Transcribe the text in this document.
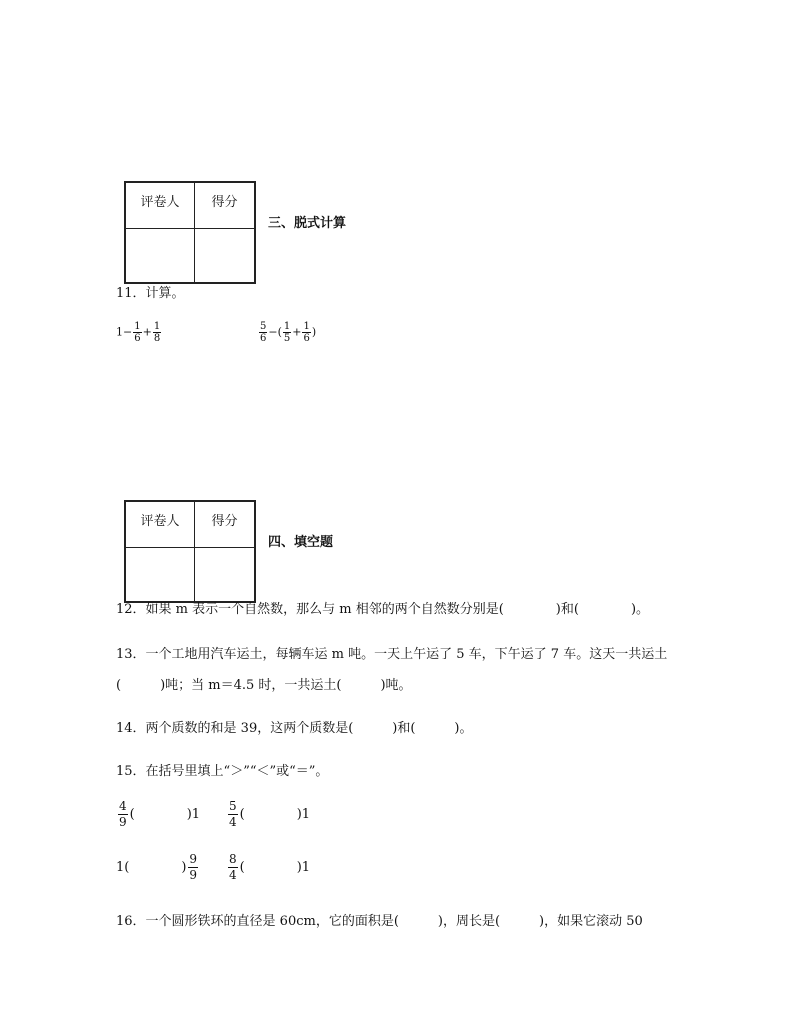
评卷人	得分

三、脱式计算
11．计算。
$1- \frac{1}{6} + \frac{1}{8}$	$\frac{5}{6}$ −( $\frac{1}{5} + \frac{1}{6}$ )
评卷人	得分

四、填空题
12．如果 m 表示一个自然数，那么与 m 相邻的两个自然数分别是(　　　　)和(　　　　)。
13．一个工地用汽车运土，每辆车运 m 吨。一天上午运了 5 车，下午运了 7 车。这天一共运土
(　　　)吨；当 m＝4.5 时，一共运土(　　　)吨。
14．两个质数的和是 39，这两个质数是(　　　)和(　　　)。
15．在括号里填上“＞”“＜”或“＝”。
$\frac{4}{9}$ (　　　　)$1 \frac{5}{4}$ (　　　　)1
1(　　　　) $\frac{9}{9} \frac{8}{4}$ (　　　　)1
16．一个圆形铁环的直径是 60cm，它的面积是(　　　)，周长是(　　　)，如果它滚动 50
